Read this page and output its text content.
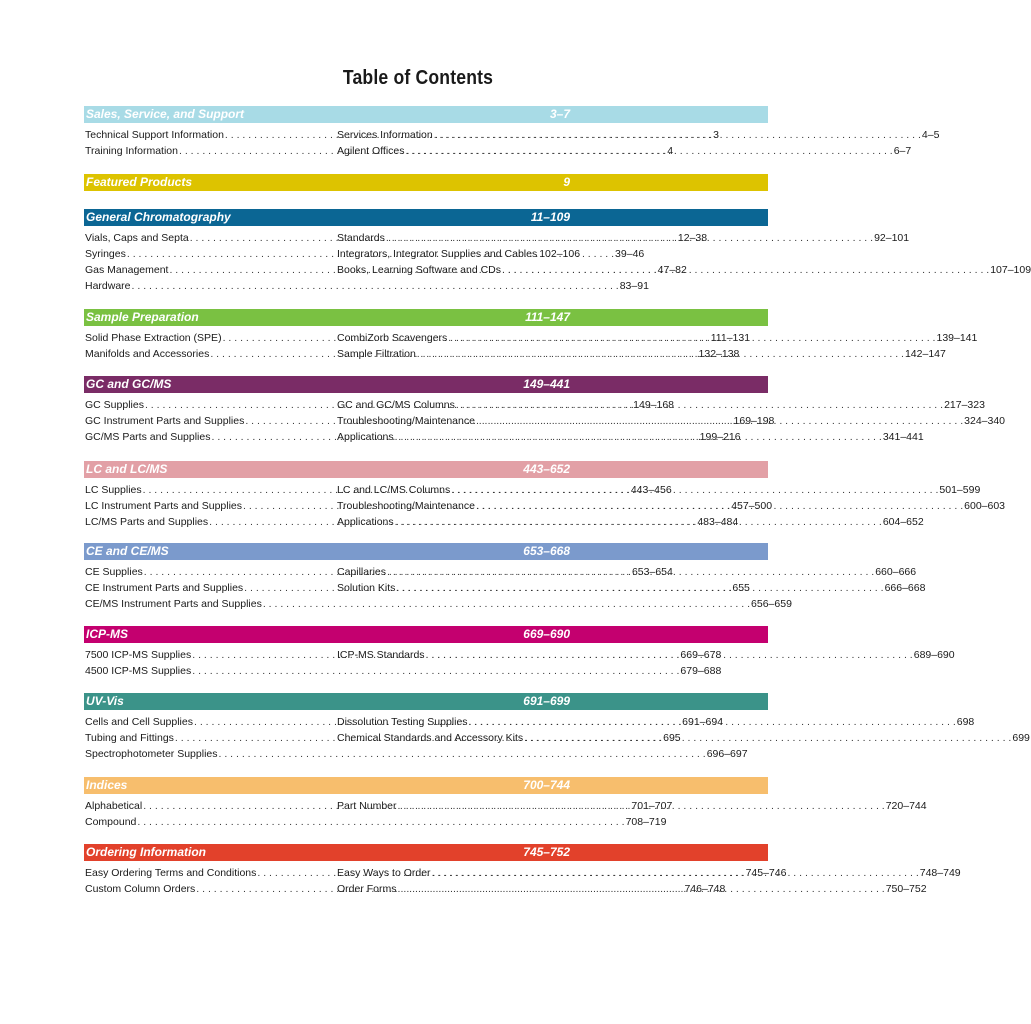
Table of Contents
Sales, Service, and Support	3–7
Technical Support Information . . .	3
Training Information . . .	4
Services Information . . .	4–5
Agilent Offices . . .	6–7
Featured Products	9
General Chromatography	11–109
Vials, Caps and Septa . . .	12–38
Syringes . . .	39–46
Gas Management . . .	47–82
Hardware . . .	83–91
Standards . . .	92–101
Integrators, Integrator Supplies and Cables 102–106
Books, Learning Software and CDs . . .	107–109
Sample Preparation	111–147
Solid Phase Extraction (SPE) . . .	111–131
Manifolds and Accessories . . .	132–138
CombiZorb Scavengers . . .	139–141
Sample Filtration . . .	142–147
GC and GC/MS	149–441
GC Supplies . . .	149–168
GC Instrument Parts and Supplies . . .	169–198
GC/MS Parts and Supplies . . .	199–216
GC and GC/MS Columns . . .	217–323
Troubleshooting/Maintenance . . .	324–340
Applications . . .	341–441
LC and LC/MS	443–652
LC Supplies . . .	443–456
LC Instrument Parts and Supplies . . .	457–500
LC/MS Parts and Supplies . . .	483–484
LC and LC/MS Columns . . .	501–599
Troubleshooting/Maintenance . . .	600–603
Applications . . .	604–652
CE and CE/MS	653–668
CE Supplies . . .	653–654
CE Instrument Parts and Supplies . . .	655
CE/MS Instrument Parts and Supplies . . .	656–659
Capillaries . . .	660–666
Solution Kits . . .	666–668
ICP-MS	669–690
7500 ICP-MS Supplies . . .	669–678
4500 ICP-MS Supplies . . .	679–688
ICP-MS Standards . . .	689–690
UV-Vis	691–699
Cells and Cell Supplies . . .	691–694
Tubing and Fittings . . .	695
Spectrophotometer Supplies . . .	696–697
Dissolution Testing Supplies . . .	698
Chemical Standards and Accessory Kits . . .	699
Indices	700–744
Alphabetical . . .	701–707
Compound . . .	708–719
Part Number . . .	720–744
Ordering Information	745–752
Easy Ordering Terms and Conditions . . .	745–746
Custom Column Orders . . .	746–748
Easy Ways to Order . . .	748–749
Order Forms . . .	750–752
